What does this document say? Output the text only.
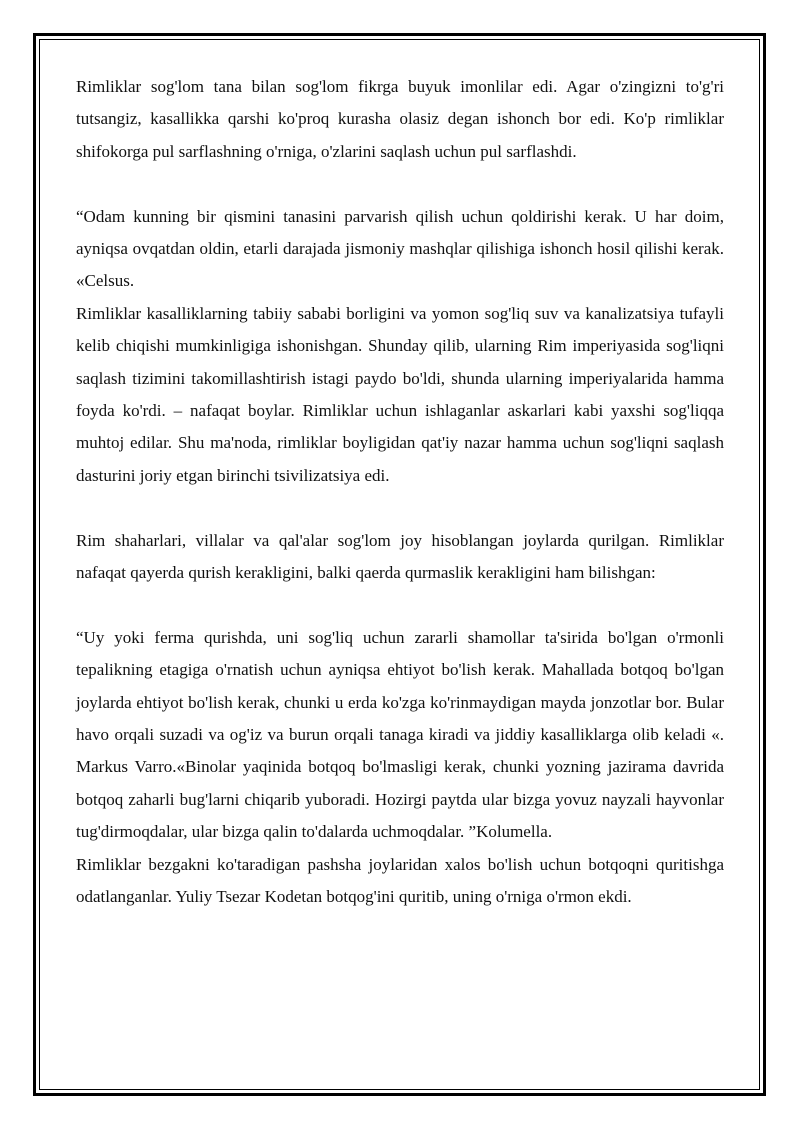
Rimliklar sog'lom tana bilan sog'lom fikrga buyuk imonlilar edi. Agar o'zingizni to'g'ri tutsangiz, kasallikka qarshi ko'proq kurasha olasiz degan ishonch bor edi. Ko'p rimliklar shifokorga pul sarflashning o'rniga, o'zlarini saqlash uchun pul sarflashdi.

“Odam kunning bir qismini tanasini parvarish qilish uchun qoldirishi kerak. U har doim, ayniqsa ovqatdan oldin, etarli darajada jismoniy mashqlar qilishiga ishonch hosil qilishi kerak. «Celsus.

Rimliklar kasalliklarning tabiiy sababi borligini va yomon sog'liq suv va kanalizatsiya tufayli kelib chiqishi mumkinligiga ishonishgan. Shunday qilib, ularning Rim imperiyasida sog'liqni saqlash tizimini takomillashtirish istagi paydo bo'ldi, shunda ularning imperiyalarida hamma foyda ko'rdi. – nafaqat boylar. Rimliklar uchun ishlaganlar askarlari kabi yaxshi sog'liqqa muhtoj edilar. Shu ma'noda, rimliklar boyligidan qat'iy nazar hamma uchun sog'liqni saqlash dasturini joriy etgan birinchi tsivilizatsiya edi.

Rim shaharlari, villalar va qal'alar sog'lom joy hisoblangan joylarda qurilgan. Rimliklar nafaqat qayerda qurish kerakligini, balki qaerda qurmaslik kerakligini ham bilishgan:

“Uy yoki ferma qurishda, uni sog'liq uchun zararli shamollar ta'sirida bo'lgan o'rmonli tepalikning etagiga o'rnatish uchun ayniqsa ehtiyot bo'lish kerak. Mahallada botqoq bo'lgan joylarda ehtiyot bo'lish kerak, chunki u erda ko'zga ko'rinmaydigan mayda jonzotlar bor. Bular havo orqali suzadi va og'iz va burun orqali tanaga kiradi va jiddiy kasalliklarga olib keladi «. Markus Varro.«Binolar yaqinida botqoq bo'lmasligi kerak, chunki yozning jazirama davrida botqoq zaharli bug'larni chiqarib yuboradi. Hozirgi paytda ular bizga yovuz nayzali hayvonlar tug'dirmoqdalar, ular bizga qalin to'dalarda uchmoqdalar. ”Kolumella.

Rimliklar bezgakni ko'taradigan pashsha joylaridan xalos bo'lish uchun botqoqni quritishga odatlanganlar. Yuliy Tsezar Kodetan botqog'ini quritib, uning o'rniga o'rmon ekdi.
